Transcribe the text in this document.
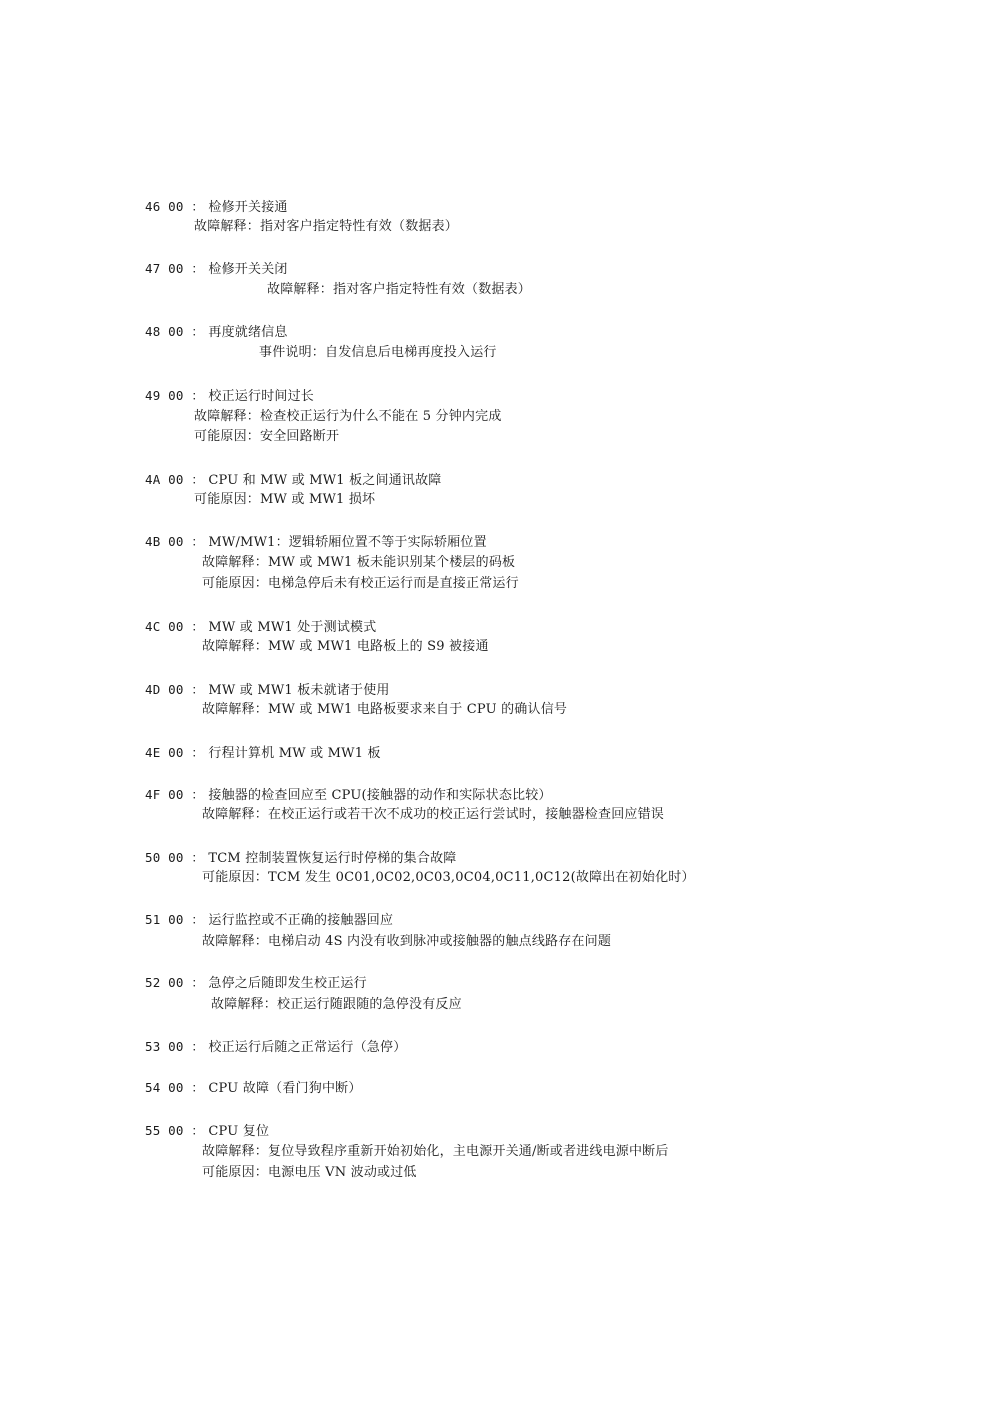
46 00 ： 检修开关接通
故障解释：指对客户指定特性有效（数据表）
47 00 ： 检修开关关闭
故障解释：指对客户指定特性有效（数据表）
48 00 ： 再度就绪信息
事件说明：自发信息后电梯再度投入运行
49 00 ： 校正运行时间过长
故障解释：检查校正运行为什么不能在 5 分钟内完成
可能原因：安全回路断开
4A 00 ： CPU 和 MW 或 MW1 板之间通讯故障
可能原因：MW 或 MW1 损坏
4B 00 ： MW/MW1：逻辑轿厢位置不等于实际轿厢位置
故障解释：MW 或 MW1 板未能识别某个楼层的码板
可能原因：电梯急停后未有校正运行而是直接正常运行
4C 00 ： MW 或 MW1 处于测试模式
故障解释：MW 或 MW1 电路板上的 S9 被接通
4D 00 ： MW 或 MW1 板未就诸于使用
故障解释：MW 或 MW1 电路板要求来自于 CPU 的确认信号
4E 00 ： 行程计算机 MW 或 MW1 板
4F 00 ： 接触器的检查回应至 CPU(接触器的动作和实际状态比较）
故障解释：在校正运行或若干次不成功的校正运行尝试时，接触器检查回应错误
50 00 ： TCM 控制装置恢复运行时停梯的集合故障
可能原因：TCM 发生 0C01,0C02,0C03,0C04,0C11,0C12(故障出在初始化时）
51 00 ： 运行监控或不正确的接触器回应
故障解释：电梯启动 4S 内没有收到脉冲或接触器的触点线路存在问题
52 00 ： 急停之后随即发生校正运行
故障解释：校正运行随跟随的急停没有反应
53 00 ： 校正运行后随之正常运行（急停）
54 00 ： CPU 故障（看门狗中断）
55 00 ： CPU 复位
故障解释：复位导致程序重新开始初始化，主电源开关通/断或者进线电源中断后
可能原因：电源电压 VN 波动或过低
